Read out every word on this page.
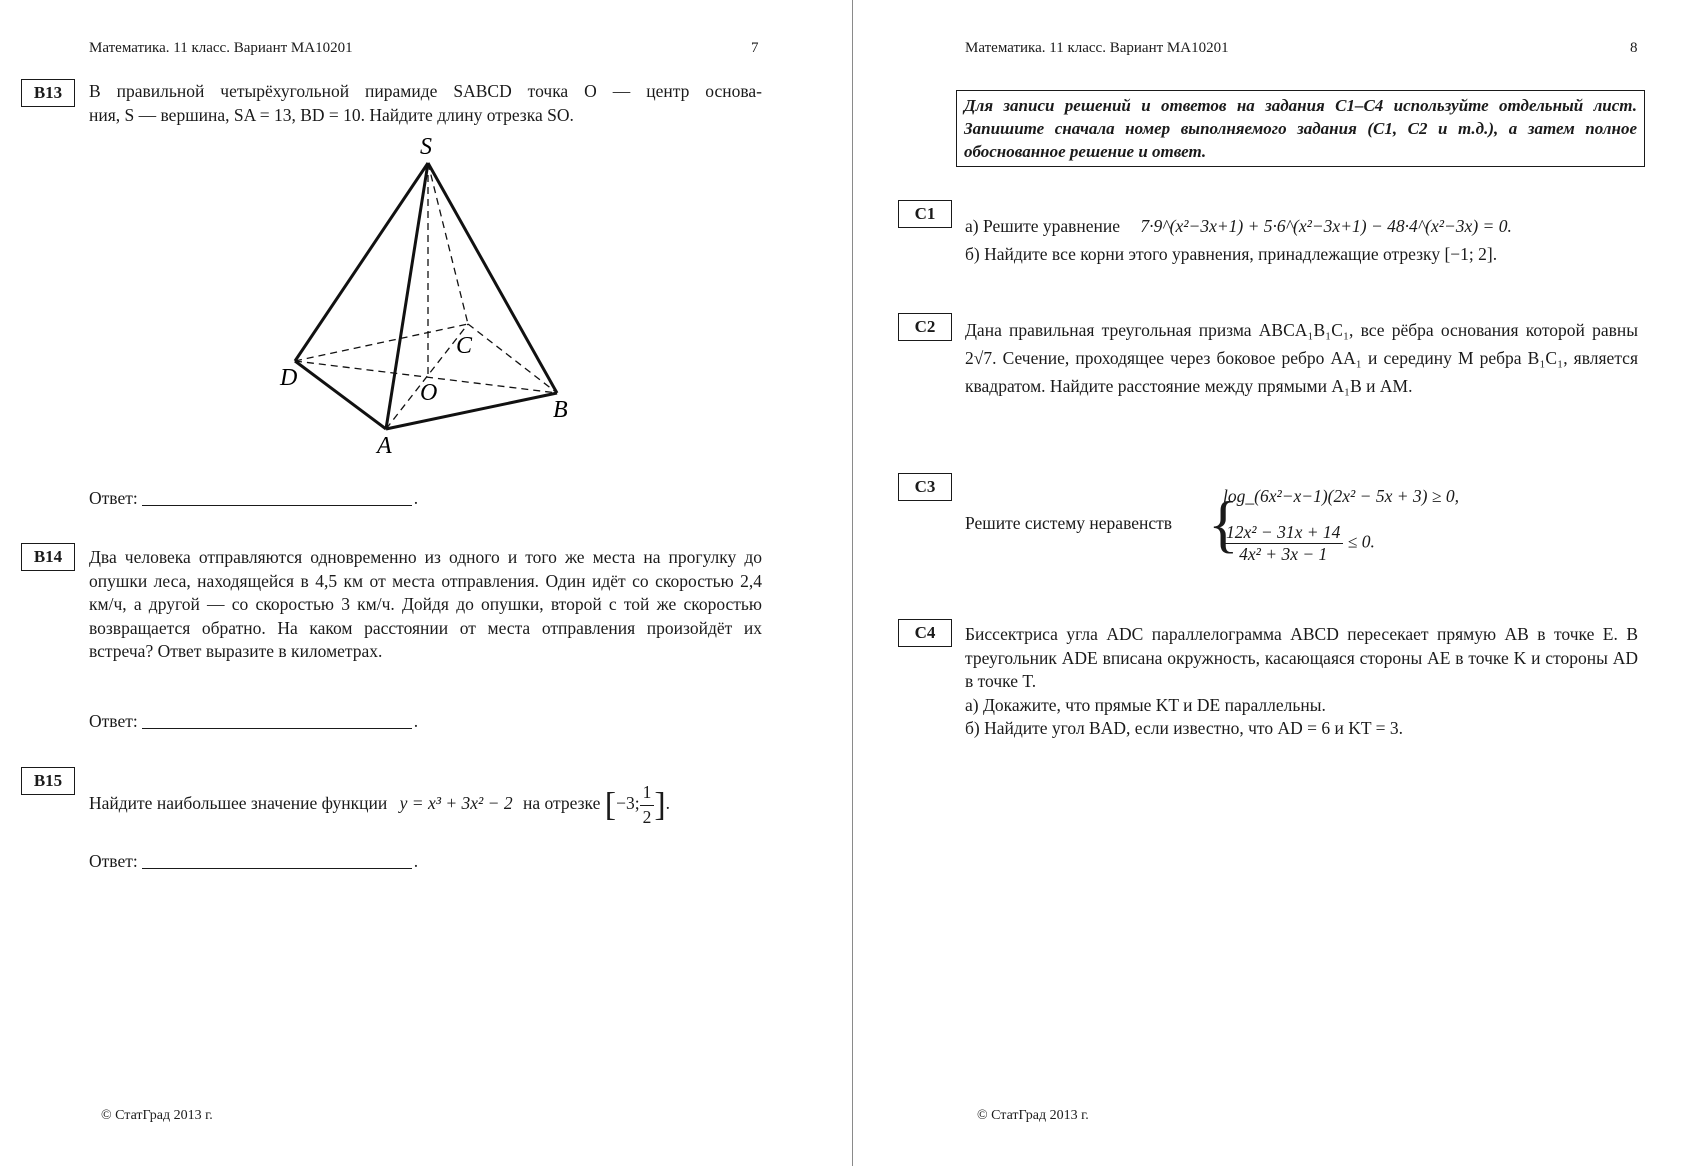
Математика. 11 класс. Вариант МА10201	7
B13	В правильной четырёхугольной пирамиде SABCD точка O — центр основа-
ния, S — вершина, SA = 13, BD = 10. Найдите длину отрезка SO.
S
C
D
O
B
A
Ответ:	.
B14	Два человека отправляются одновременно из одного и того же места на прогулку до опушки леса, находящейся в 4,5 км от места отправления. Один идёт со скоростью 2,4 км/ч, а другой — со скоростью 3 км/ч. Дойдя до опушки, второй с той же скоростью возвращается обратно. На каком расстоянии от места отправления произойдёт их встреча? Ответ выразите в километрах.
Ответ:	.
B15
Найдите наибольшее значение функции y = x³ + 3x² − 2 на отрезке [−3; $\frac{1}{2}$ ].
Ответ:	.
© СтатГрад 2013 г.
Математика. 11 класс. Вариант МА10201	8
Для записи решений и ответов на задания С1–С4 используйте отдельный лист. Запишите сначала номер выполняемого задания (С1, С2 и т.д.), а затем полное обоснованное решение и ответ.
C1
а) Решите уравнение 7·9^(x²−3x+1) + 5·6^(x²−3x+1) − 48·4^(x²−3x) = 0.
б) Найдите все корни этого уравнения, принадлежащие отрезку [−1; 2].
C2	Дана правильная треугольная призма ABCA₁B₁C₁, все рёбра основания которой равны 2√7. Сечение, проходящее через боковое ребро AA₁ и середину M ребра B₁C₁, является квадратом. Найдите расстояние между прямыми A₁B и AM.
C3
Решите систему неравенств {
log_(6x²−x−1)(2x² − 5x + 3) ≥ 0,
$\frac{\text{12x² − 31x + 14}}{\text{4x² + 3x − 1}} \le 0$.
C4	Биссектриса угла ADC параллелограмма ABCD пересекает прямую AB в точке E. В треугольник ADE вписана окружность, касающаяся стороны AE в точке K и стороны AD в точке T.
а) Докажите, что прямые KT и DE параллельны.
б) Найдите угол BAD, если известно, что AD = 6 и KT = 3.
© СтатГрад 2013 г.
